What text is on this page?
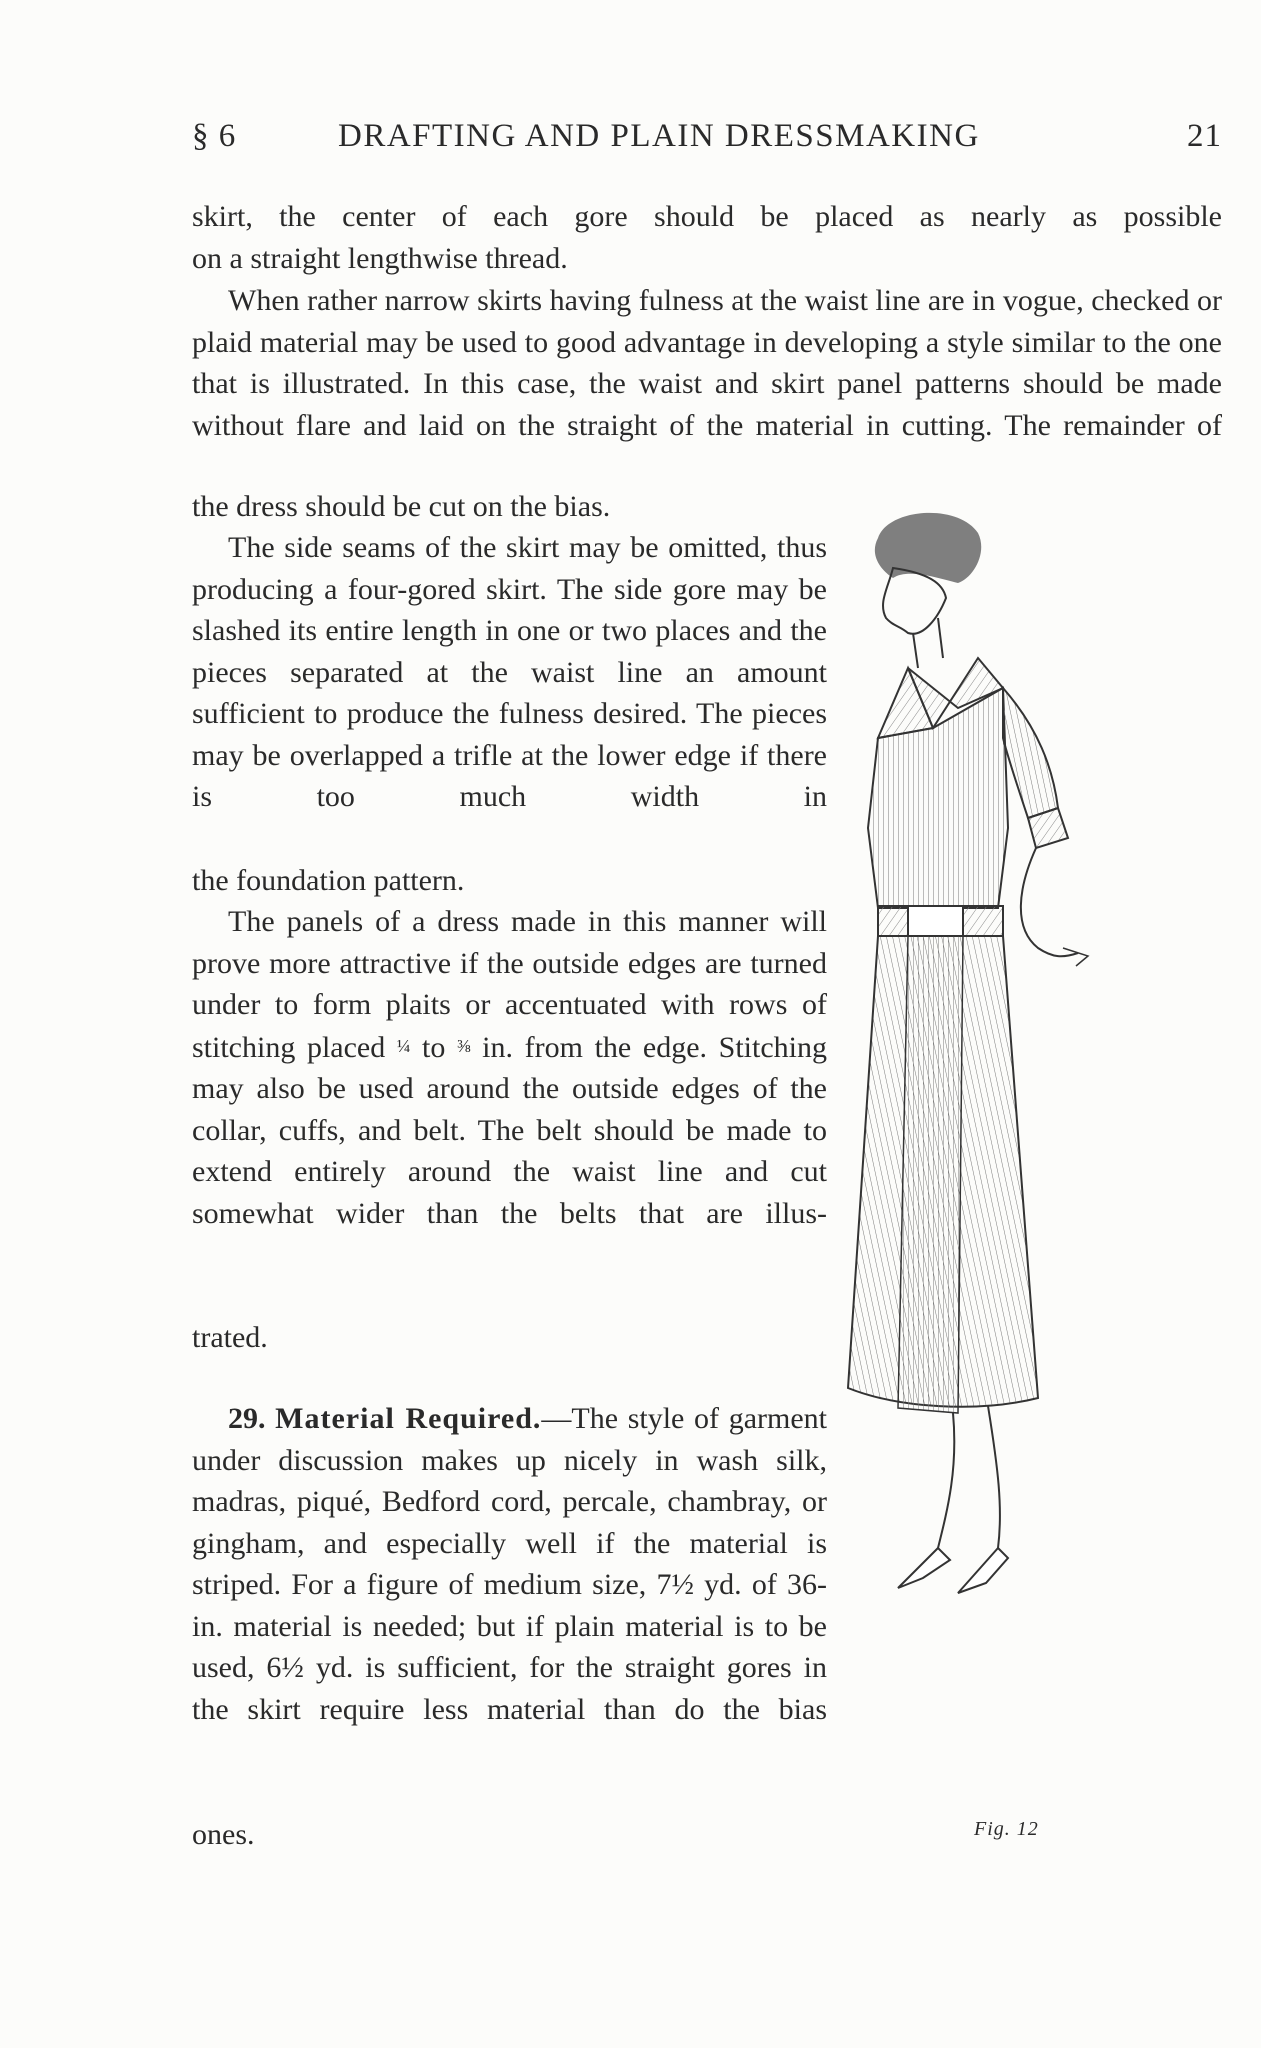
§ 6	DRAFTING AND PLAIN DRESSMAKING	21
skirt, the center of each gore should be placed as nearly as possible
on a straight lengthwise thread.
When rather narrow skirts having fulness at the waist line are in vogue, checked or plaid material may be used to good advantage in developing a style similar to the one that is illustrated. In this case, the waist and skirt panel patterns should be made without flare and laid on the straight of the material in cutting. The remainder of
the dress should be cut on the bias.
The side seams of the skirt may be omitted, thus producing a four-gored skirt. The side gore may be slashed its entire length in one or two places and the pieces separated at the waist line an amount sufficient to produce the fulness desired. The pieces may be overlapped a trifle at the lower edge if there is too much width in
the foundation pattern.
The panels of a dress made in this manner will prove more attractive if the outside edges are turned under to form plaits or accentuated with rows of stitching placed ¼ to ⅜ in. from the edge. Stitching may also be used around the outside edges of the collar, cuffs, and belt. The belt should be made to extend entirely around the waist line and cut somewhat wider than the belts that are illus-
trated.
29. Material Required.—The style of garment under discussion makes up nicely in wash silk, madras, piqué, Bedford cord, percale, chambray, or gingham, and especially well if the material is striped. For a figure of medium size, 7½ yd. of 36-in. material is needed; but if plain material is to be used, 6½ yd. is sufficient, for the straight gores in the skirt require less material than do the bias
ones.	Fig. 12
